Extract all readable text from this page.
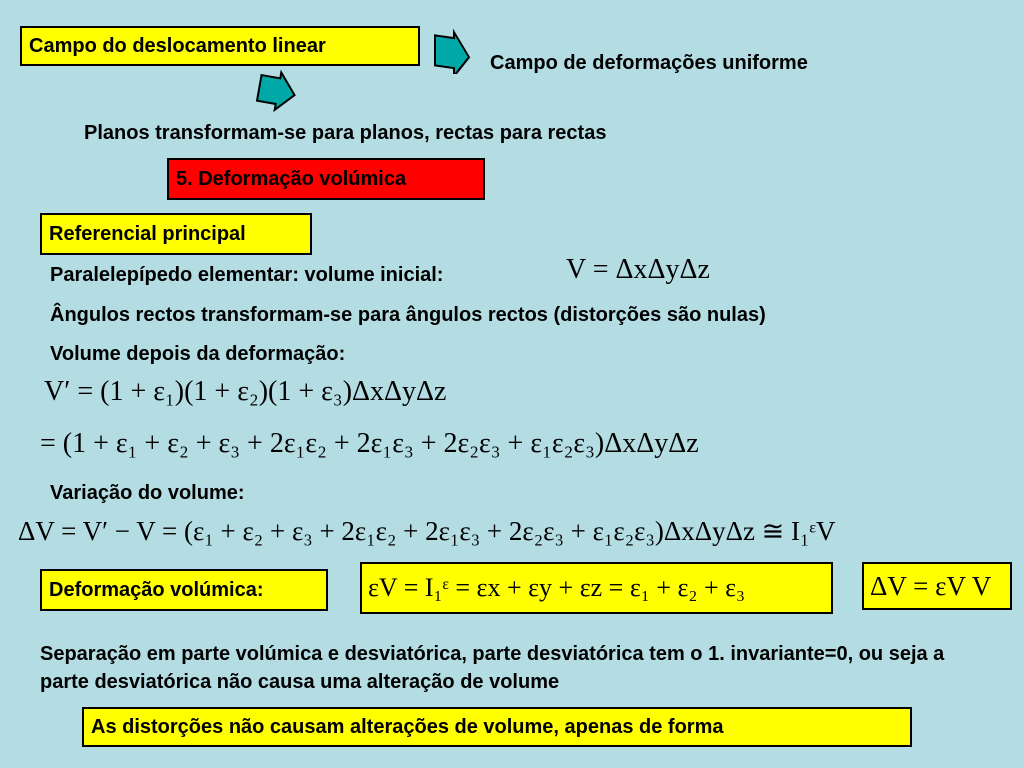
Campo do deslocamento linear
Campo de deformações uniforme
Planos transformam-se para planos, rectas para rectas
5. Deformação volúmica
Referencial principal
Paralelepípedo elementar: volume inicial:	V = ΔxΔyΔz
Ângulos rectos transformam-se para ângulos rectos (distorções são nulas)
Volume depois da deformação:
V′ = (1 + ε₁)(1 + ε₂)(1 + ε₃)ΔxΔyΔz
= (1 + ε₁ + ε₂ + ε₃ + 2ε₁ε₂ + 2ε₁ε₃ + 2ε₂ε₃ + ε₁ε₂ε₃)ΔxΔyΔz
Variação do volume:
ΔV = V′ − V = (ε₁ + ε₂ + ε₃ + 2ε₁ε₂ + 2ε₁ε₃ + 2ε₂ε₃ + ε₁ε₂ε₃)ΔxΔyΔz ≅ I₁ᵋV
Deformação volúmica:	εV = I₁ᵋ = εx + εy + εz = ε₁ + ε₂ + ε₃	ΔV = εV V
Separação em parte volúmica e desviatórica, parte desviatórica tem o 1. invariante=0, ou seja a parte desviatórica não causa uma alteração de volume
As distorções não causam alterações de volume, apenas de forma
